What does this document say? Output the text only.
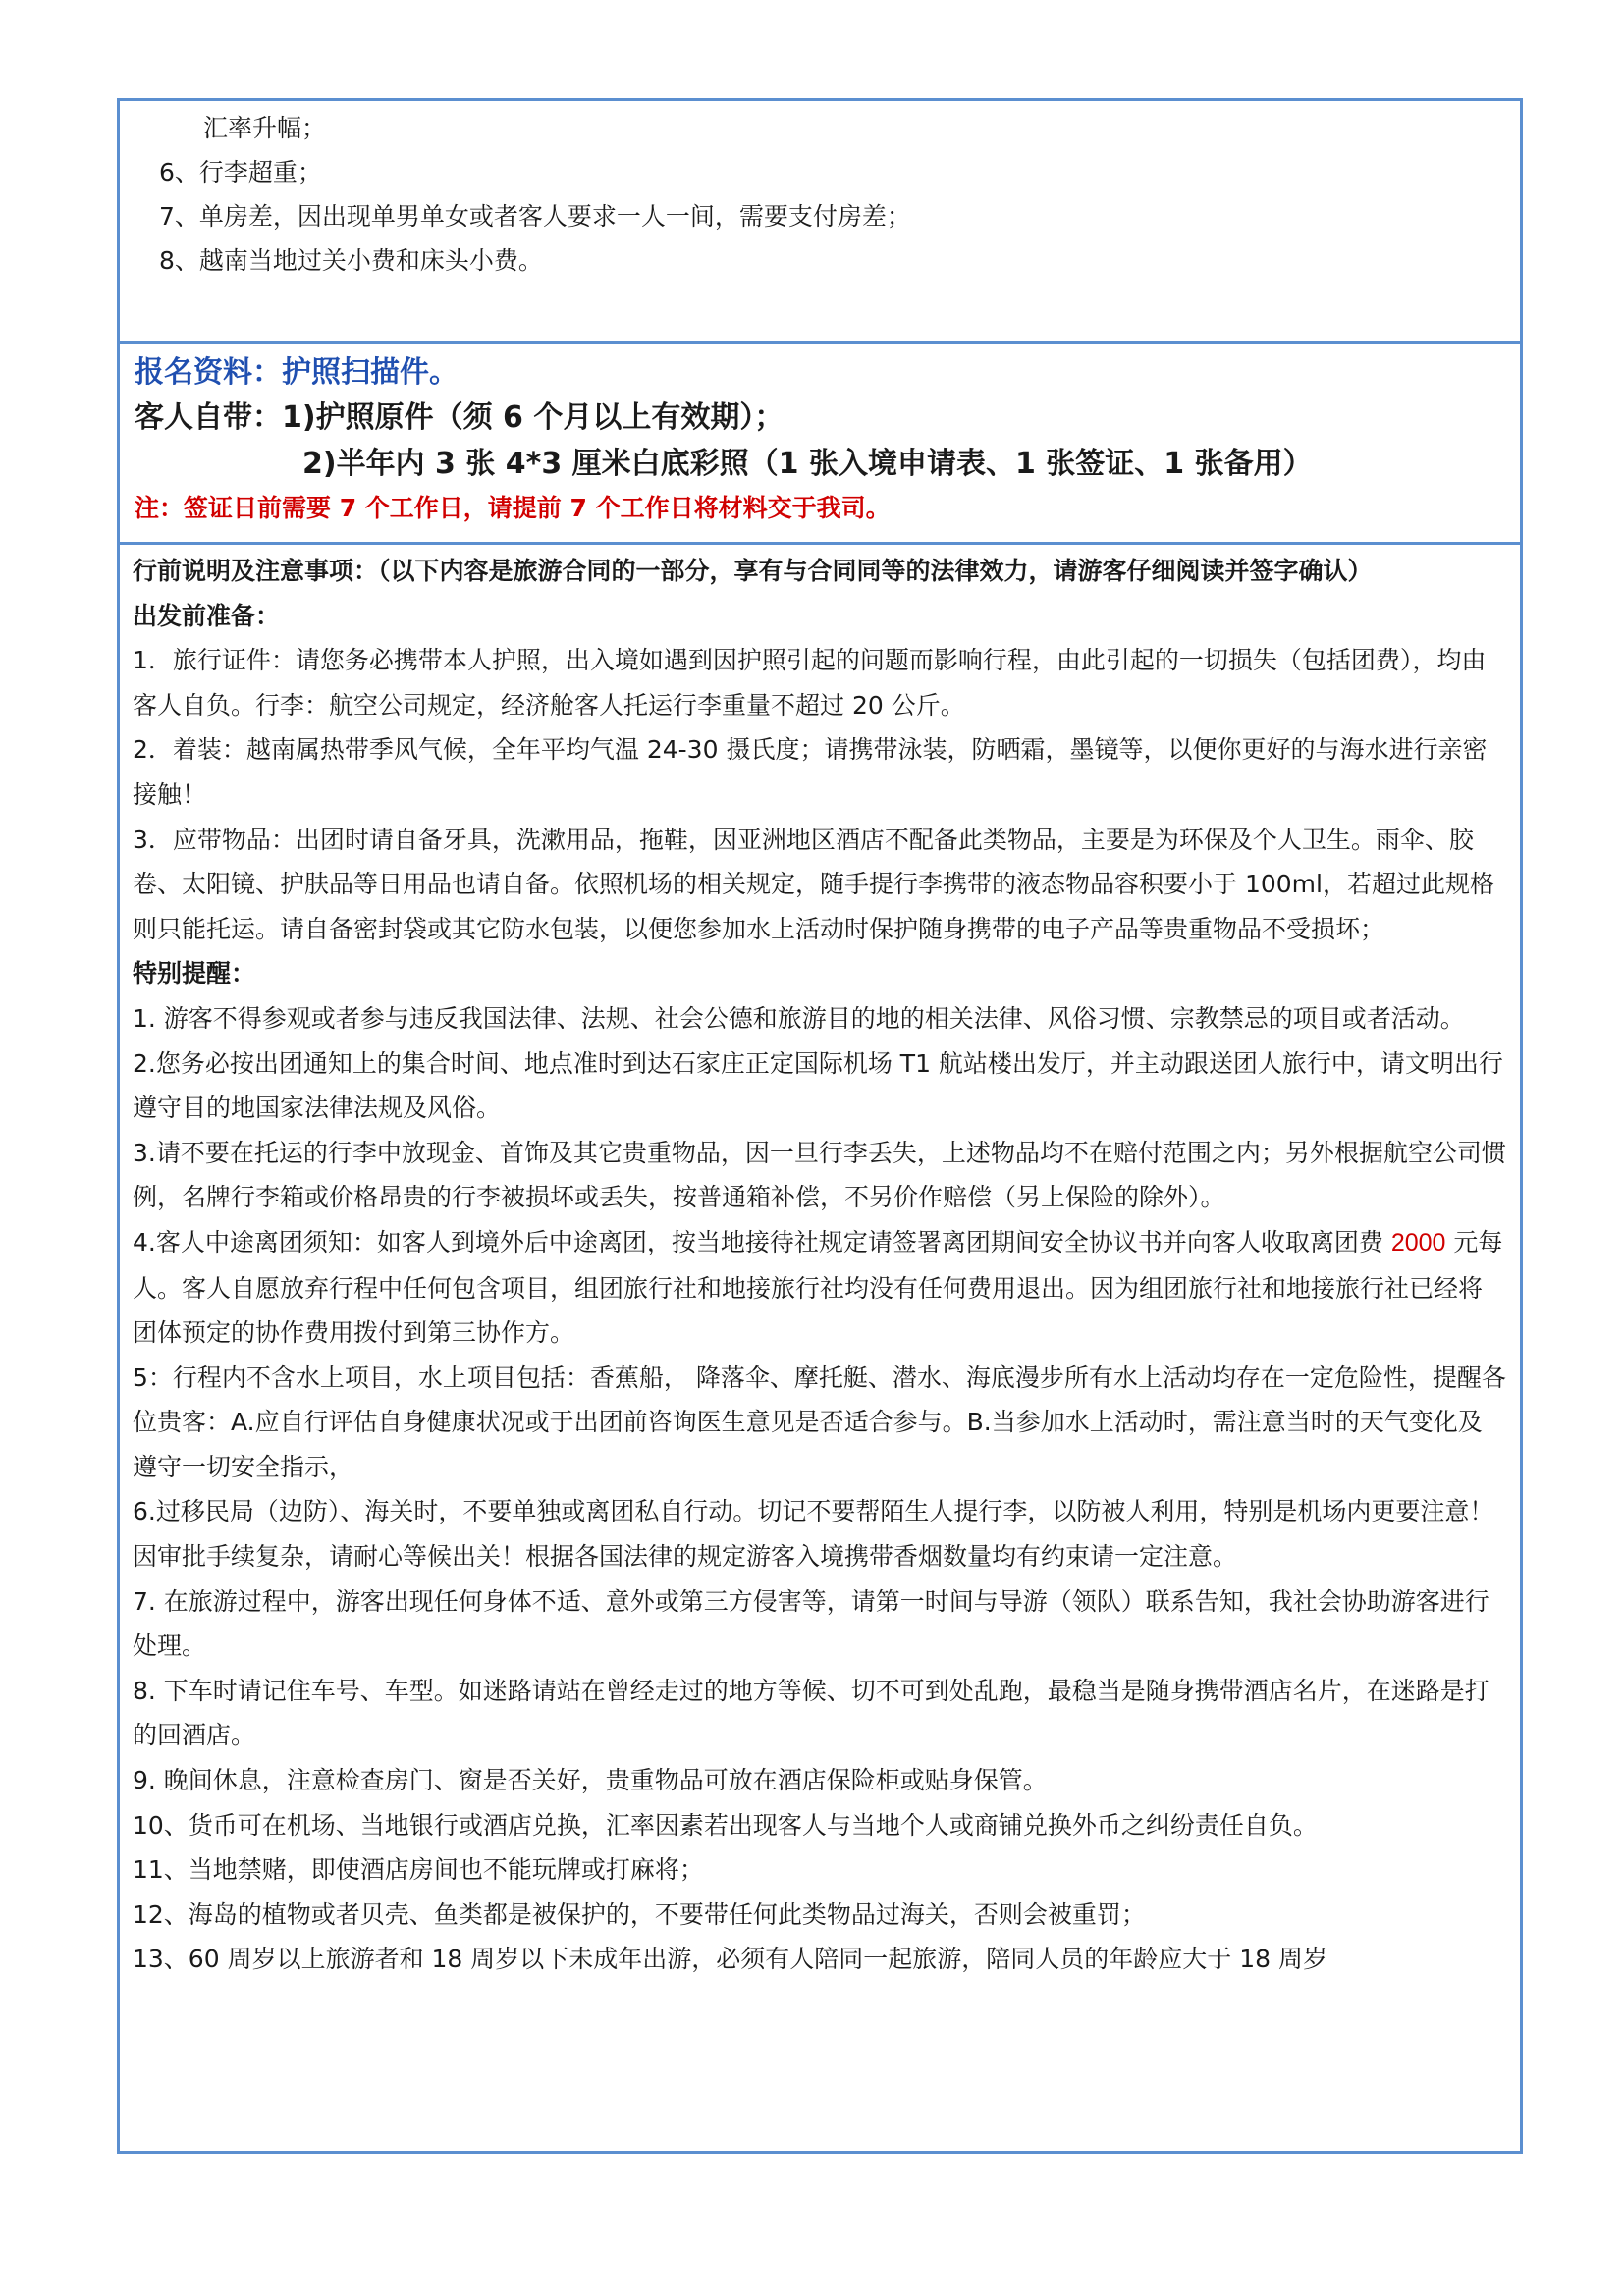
汇率升幅；

6、行李超重；

7、单房差，因出现单男单女或者客人要求一人一间，需要支付房差；

8、越南当地过关小费和床头小费。

报名资料：护照扫描件。

客人自带：1)护照原件（须 6 个月以上有效期）；

2)半年内 3 张 4*3 厘米白底彩照（1 张入境申请表、1 张签证、1 张备用）

注：签证日前需要 7 个工作日，请提前 7 个工作日将材料交于我司。

行前说明及注意事项：（以下内容是旅游合同的一部分，享有与合同同等的法律效力，请游客仔细阅读并签字确认）

出发前准备：

1．旅行证件：请您务必携带本人护照，出入境如遇到因护照引起的问题而影响行程，由此引起的一切损失（包括团费），均由客人自负。行李：航空公司规定，经济舱客人托运行李重量不超过 20 公斤。

2．着装：越南属热带季风气候，全年平均气温 24-30 摄氏度；请携带泳装，防晒霜，墨镜等，以便你更好的与海水进行亲密接触！

3．应带物品：出团时请自备牙具，洗漱用品，拖鞋，因亚洲地区酒店不配备此类物品，主要是为环保及个人卫生。雨伞、胶卷、太阳镜、护肤品等日用品也请自备。依照机场的相关规定，随手提行李携带的液态物品容积要小于 100ml，若超过此规格则只能托运。请自备密封袋或其它防水包装，以便您参加水上活动时保护随身携带的电子产品等贵重物品不受损坏；

特别提醒：

1. 游客不得参观或者参与违反我国法律、法规、社会公德和旅游目的地的相关法律、风俗习惯、宗教禁忌的项目或者活动。

2.您务必按出团通知上的集合时间、地点准时到达石家庄正定国际机场 T1 航站楼出发厅，并主动跟送团人旅行中，请文明出行遵守目的地国家法律法规及风俗。

3.请不要在托运的行李中放现金、首饰及其它贵重物品，因一旦行李丢失，上述物品均不在赔付范围之内；另外根据航空公司惯例，名牌行李箱或价格昂贵的行李被损坏或丢失，按普通箱补偿，不另价作赔偿（另上保险的除外）。

4.客人中途离团须知：如客人到境外后中途离团，按当地接待社规定请签署离团期间安全协议书并向客人收取离团费 2000 元每人。客人自愿放弃行程中任何包含项目，组团旅行社和地接旅行社均没有任何费用退出。因为组团旅行社和地接旅行社已经将团体预定的协作费用拨付到第三协作方。

5：行程内不含水上项目，水上项目包括：香蕉船， 降落伞、摩托艇、潜水、海底漫步所有水上活动均存在一定危险性，提醒各位贵客：A.应自行评估自身健康状况或于出团前咨询医生意见是否适合参与。B.当参加水上活动时，需注意当时的天气变化及遵守一切安全指示，

6.过移民局（边防）、海关时，不要单独或离团私自行动。切记不要帮陌生人提行李，以防被人利用，特别是机场内更要注意！因审批手续复杂，请耐心等候出关！根据各国法律的规定游客入境携带香烟数量均有约束请一定注意。

7. 在旅游过程中，游客出现任何身体不适、意外或第三方侵害等，请第一时间与导游（领队）联系告知，我社会协助游客进行处理。

8. 下车时请记住车号、车型。如迷路请站在曾经走过的地方等候、切不可到处乱跑，最稳当是随身携带酒店名片，在迷路是打的回酒店。

9. 晚间休息，注意检查房门、窗是否关好，贵重物品可放在酒店保险柜或贴身保管。

10、货币可在机场、当地银行或酒店兑换，汇率因素若出现客人与当地个人或商铺兑换外币之纠纷责任自负。

11、当地禁赌，即使酒店房间也不能玩牌或打麻将；

12、海岛的植物或者贝壳、鱼类都是被保护的，不要带任何此类物品过海关，否则会被重罚；

13、60 周岁以上旅游者和 18 周岁以下未成年出游，必须有人陪同一起旅游，陪同人员的年龄应大于 18 周岁
